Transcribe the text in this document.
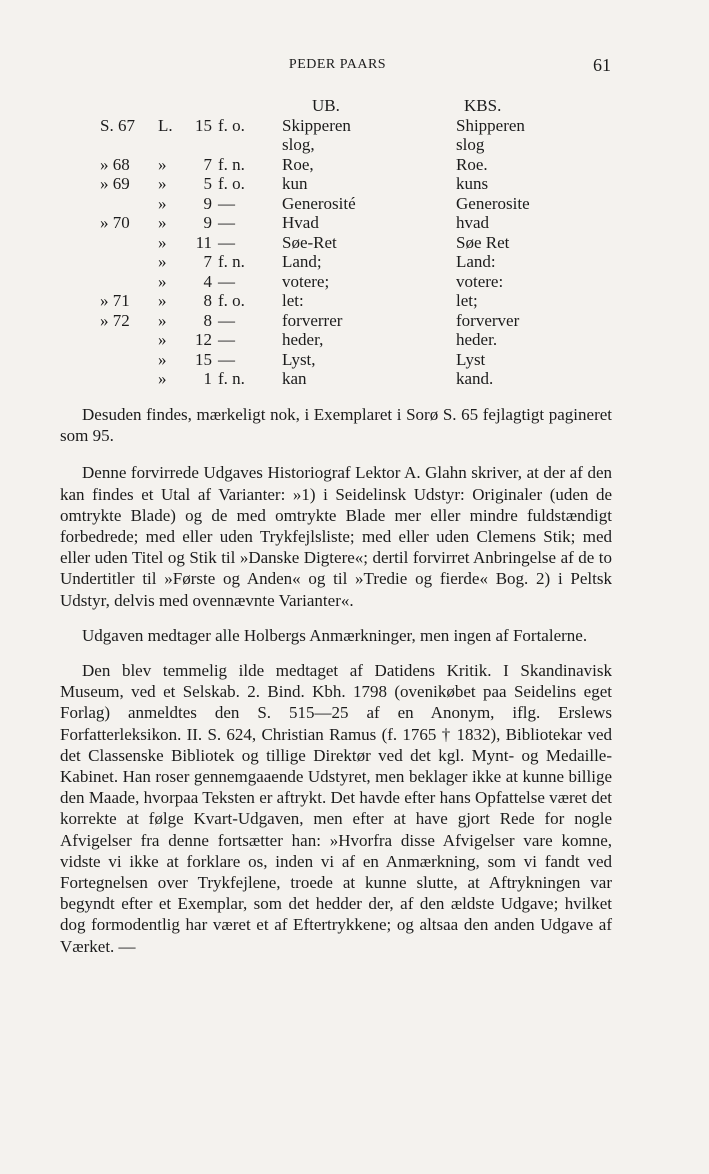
PEDER PAARS	61
				UB.	KBS.
S. 67	L.	15	f. o.	Skipperen	Shipperen
				slog,	slog
» 68	»	7	f. n.	Roe,	Roe.
» 69	»	5	f. o.	kun	kuns
	»	9	—	Generosité	Generosite
» 70	»	9	—	Hvad	hvad
	»	11	—	Søe-Ret	Søe Ret
	»	7	f. n.	Land;	Land:
	»	4	—	votere;	votere:
» 71	»	8	f. o.	let:	let;
» 72	»	8	—	forverrer	forverver
	»	12	—	heder,	heder.
	»	15	—	Lyst,	Lyst
	»	1	f. n.	kan	kand.

Desuden findes, mærkeligt nok, i Exemplaret i Sorø S. 65 fejlagtigt pagineret som 95.

Denne forvirrede Udgaves Historiograf Lektor A. Glahn skriver, at der af den kan findes et Utal af Varianter: »1) i Seidelinsk Udstyr: Originaler (uden de omtrykte Blade) og de med omtrykte Blade mer eller mindre fuldstændigt forbedrede; med eller uden Trykfejlsliste; med eller uden Clemens Stik; med eller uden Titel og Stik til »Danske Digtere«; dertil forvirret Anbringelse af de to Undertitler til »Første og Anden« og til »Tredie og fierde« Bog. 2) i Peltsk Udstyr, delvis med ovennævnte Varianter«.

Udgaven medtager alle Holbergs Anmærkninger, men ingen af Fortalerne.

Den blev temmelig ilde medtaget af Datidens Kritik. I Skandinavisk Museum, ved et Selskab. 2. Bind. Kbh. 1798 (ovenikøbet paa Seidelins eget Forlag) anmeldtes den S. 515—25 af en Anonym, iflg. Erslews Forfatterleksikon. II. S. 624, Christian Ramus (f. 1765 † 1832), Bibliotekar ved det Classenske Bibliotek og tillige Direktør ved det kgl. Mynt- og Medaille-Kabinet. Han roser gennemgaaende Udstyret, men beklager ikke at kunne billige den Maade, hvorpaa Teksten er aftrykt. Det havde efter hans Opfattelse været det korrekte at følge Kvart-Udgaven, men efter at have gjort Rede for nogle Afvigelser fra denne fortsætter han: »Hvorfra disse Afvigelser vare komne, vidste vi ikke at forklare os, inden vi af en Anmærkning, som vi fandt ved Fortegnelsen over Trykfejlene, troede at kunne slutte, at Aftrykningen var begyndt efter et Exemplar, som det hedder der, af den ældste Udgave; hvilket dog formodentlig har været et af Eftertrykkene; og altsaa den anden Udgave af Værket. —
